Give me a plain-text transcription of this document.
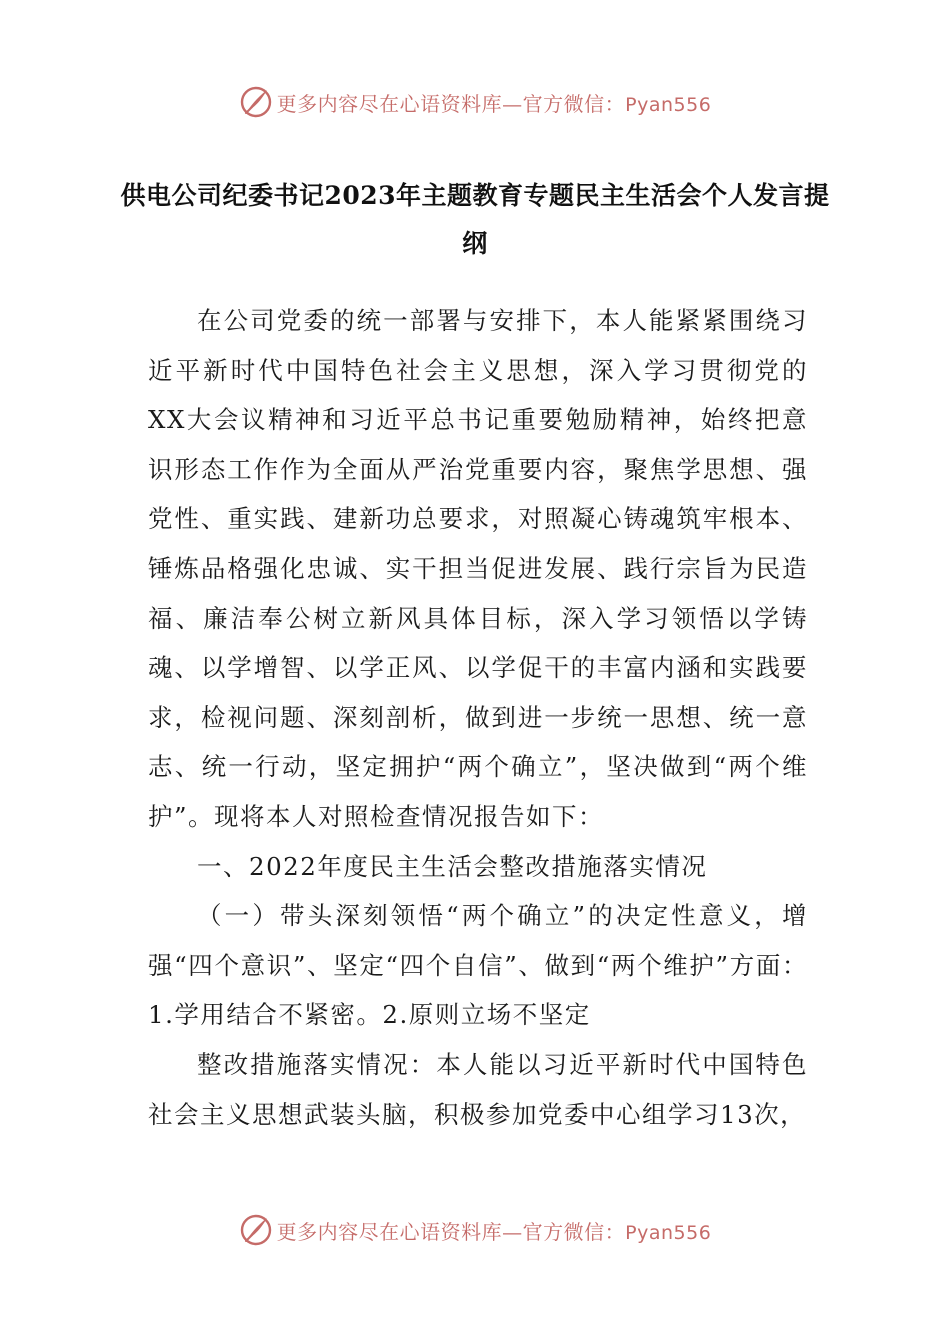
更多内容尽在心语资料库—官方微信：Pyan556
供电公司纪委书记2023年主题教育专题民主生活会个人发言提纲

在公司党委的统一部署与安排下，本人能紧紧围绕习近平新时代中国特色社会主义思想，深入学习贯彻党的XX大会议精神和习近平总书记重要勉励精神，始终把意识形态工作作为全面从严治党重要内容，聚焦学思想、强党性、重实践、建新功总要求，对照凝心铸魂筑牢根本、锤炼品格强化忠诚、实干担当促进发展、践行宗旨为民造福、廉洁奉公树立新风具体目标，深入学习领悟以学铸魂、以学增智、以学正风、以学促干的丰富内涵和实践要求，检视问题、深刻剖析，做到进一步统一思想、统一意志、统一行动，坚定拥护“两个确立”，坚决做到“两个维护”。现将本人对照检查情况报告如下：

一、2022年度民主生活会整改措施落实情况

（一）带头深刻领悟“两个确立”的决定性意义，增强“四个意识”、坚定“四个自信”、做到“两个维护”方面：1.学用结合不紧密。2.原则立场不坚定

整改措施落实情况：本人能以习近平新时代中国特色社会主义思想武装头脑，积极参加党委中心组学习13次，

更多内容尽在心语资料库—官方微信：Pyan556
